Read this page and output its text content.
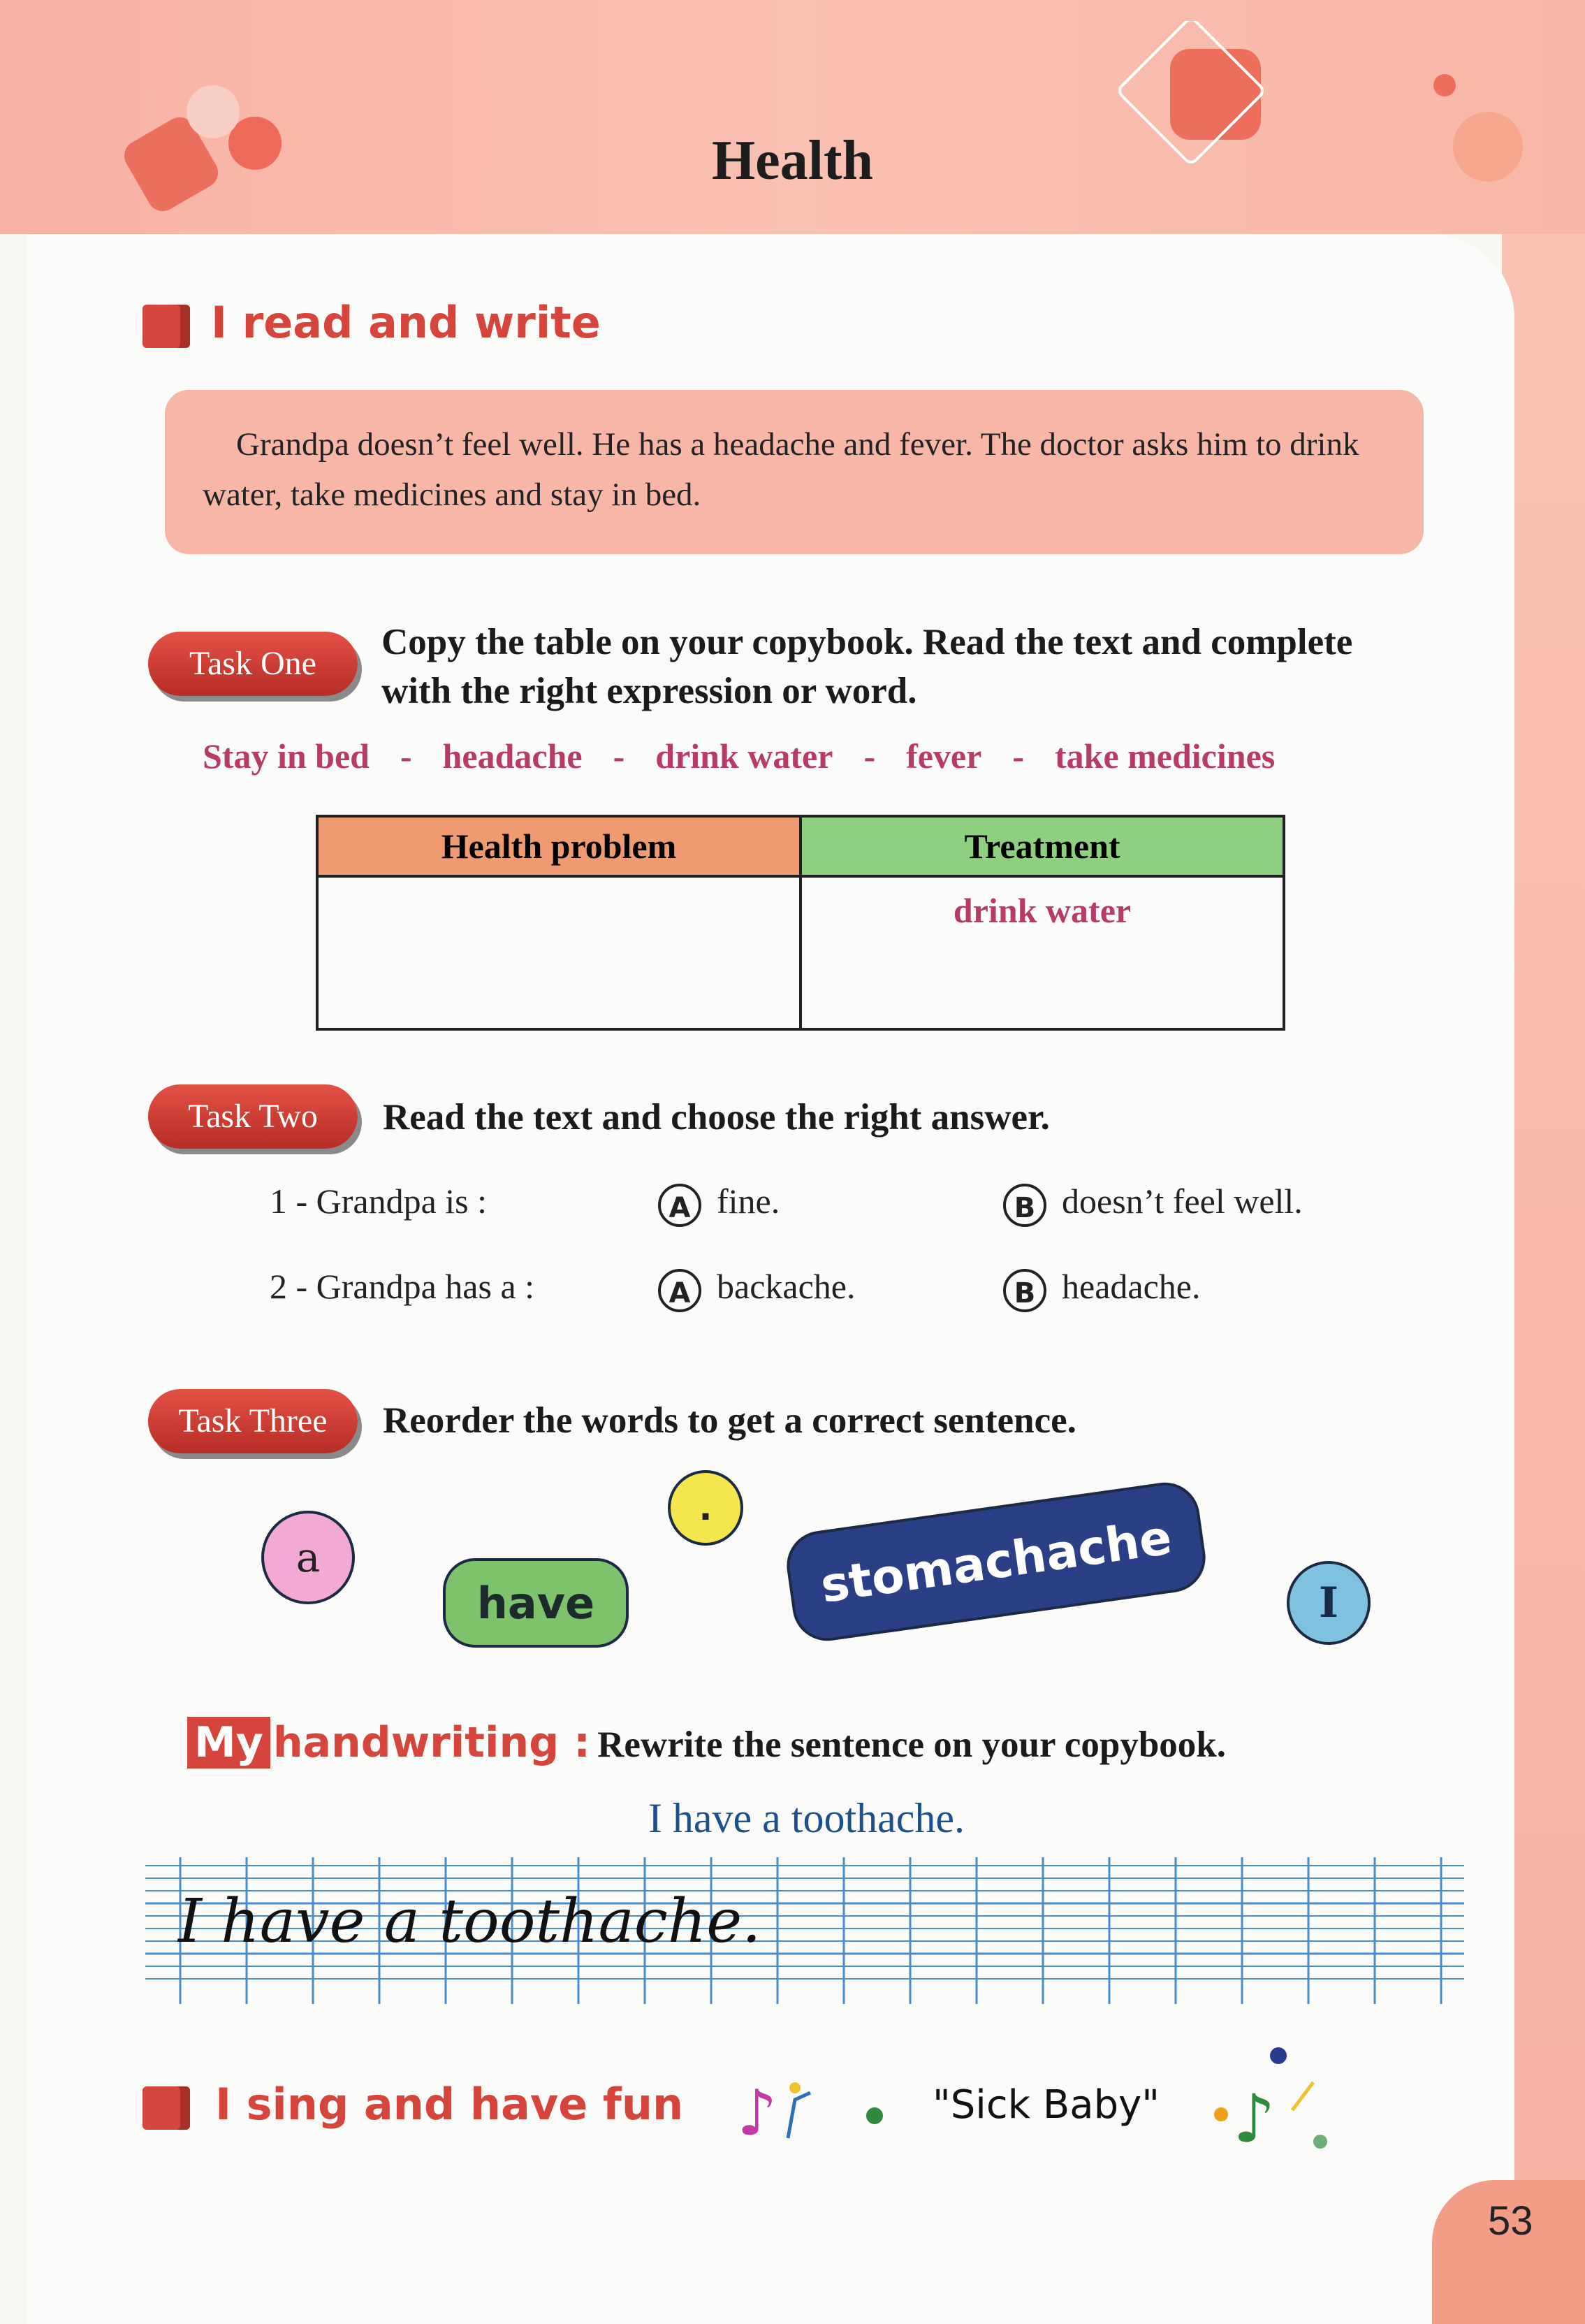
Health
I read and write
Grandpa doesn’t feel well. He has a headache and fever. The doctor asks him to drink water, take medicines and stay in bed.
Task One
Copy the table on your copybook. Read the text and complete with the right expression or word.
Stay in bed - headache - drink water - fever - take medicines
Health problem	Treatment
	drink water
Task Two	Read the text and choose the right answer.
1 - Grandpa is :	A fine.	B doesn’t feel well.
2 - Grandpa has a :	A backache.	B headache.
Task Three	Reorder the words to get a correct sentence.
a
.
have	stomachache	I
My handwriting : Rewrite the sentence on your copybook.
I have a toothache.
I have a toothache.
I sing and have fun ♪	"Sick Baby" ♪
53
